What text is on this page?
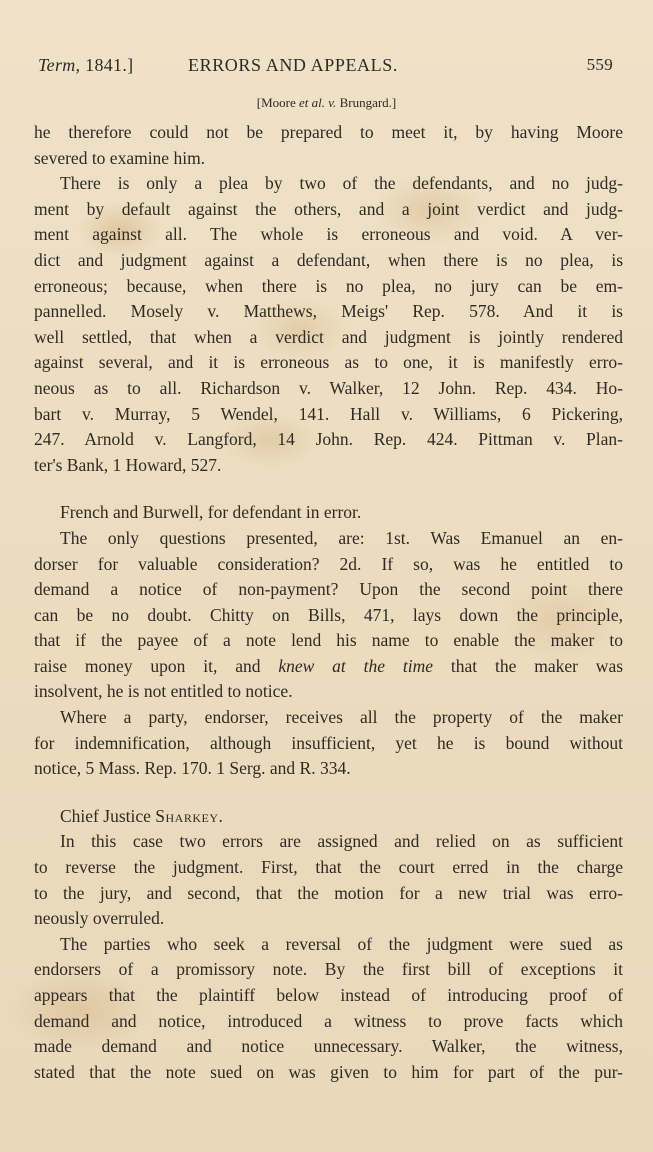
Term, 1841.]	ERRORS AND APPEALS.	559
[Moore et al. v. Brungard.]
he therefore could not be prepared to meet it, by having Moore
severed to examine him.
There is only a plea by two of the defendants, and no judg-
ment by default against the others, and a joint verdict and judg-
ment against all. The whole is erroneous and void. A ver-
dict and judgment against a defendant, when there is no plea, is
erroneous; because, when there is no plea, no jury can be em-
pannelled. Mosely v. Matthews, Meigs' Rep. 578. And it is
well settled, that when a verdict and judgment is jointly rendered
against several, and it is erroneous as to one, it is manifestly erro-
neous as to all. Richardson v. Walker, 12 John. Rep. 434. Ho-
bart v. Murray, 5 Wendel, 141. Hall v. Williams, 6 Pickering,
247. Arnold v. Langford, 14 John. Rep. 424. Pittman v. Plan-
ter's Bank, 1 Howard, 527.
French and Burwell, for defendant in error.
The only questions presented, are: 1st. Was Emanuel an en-
dorser for valuable consideration? 2d. If so, was he entitled to
demand a notice of non-payment? Upon the second point there
can be no doubt. Chitty on Bills, 471, lays down the principle,
that if the payee of a note lend his name to enable the maker to
raise money upon it, and knew at the time that the maker was
insolvent, he is not entitled to notice.
Where a party, endorser, receives all the property of the maker
for indemnification, although insufficient, yet he is bound without
notice, 5 Mass. Rep. 170. 1 Serg. and R. 334.
Chief Justice Sharkey.
In this case two errors are assigned and relied on as sufficient
to reverse the judgment. First, that the court erred in the charge
to the jury, and second, that the motion for a new trial was erro-
neously overruled.
The parties who seek a reversal of the judgment were sued as
endorsers of a promissory note. By the first bill of exceptions it
appears that the plaintiff below instead of introducing proof of
demand and notice, introduced a witness to prove facts which
made demand and notice unnecessary. Walker, the witness,
stated that the note sued on was given to him for part of the pur-
